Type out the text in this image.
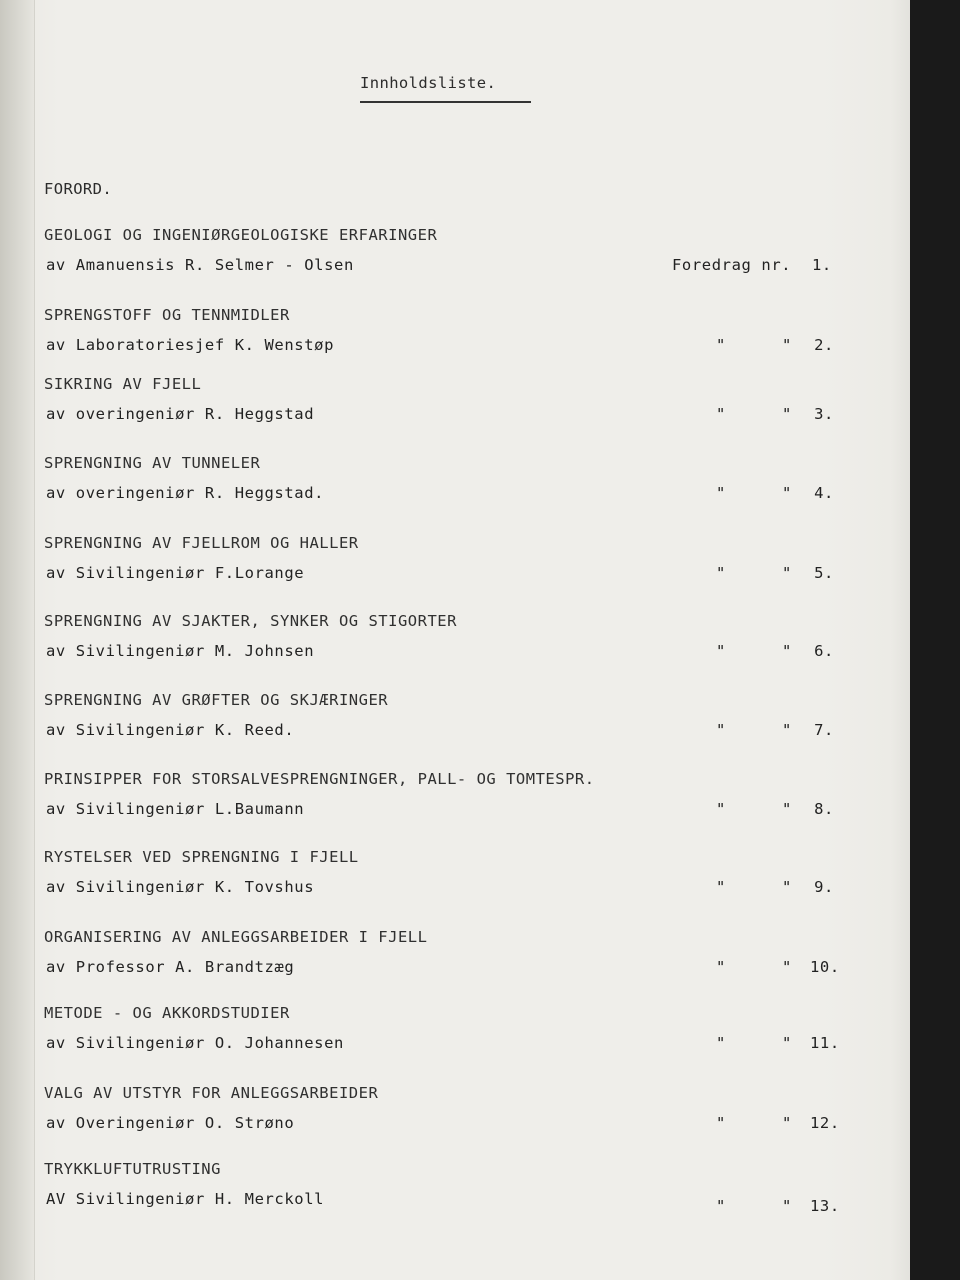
Innholdsliste.
FORORD.
GEOLOGI OG INGENIØRGEOLOGISKE ERFARINGER
av Amanuensis R. Selmer - Olsen	Foredrag nr. 1.
SPRENGSTOFF OG TENNMIDLER
av Laboratoriesjef K. Wenstøp	"	" 2.
SIKRING AV FJELL
av overingeniør R. Heggstad	"	" 3.
SPRENGNING AV TUNNELER
av overingeniør R. Heggstad.	"	" 4.
SPRENGNING AV FJELLROM OG HALLER
av Sivilingeniør F.Lorange	"	" 5.
SPRENGNING AV SJAKTER, SYNKER OG STIGORTER
av Sivilingeniør M. Johnsen	"	" 6.
SPRENGNING AV GRØFTER OG SKJÆRINGER
av Sivilingeniør K. Reed.	"	" 7.
PRINSIPPER FOR STORSALVESPRENGNINGER, PALL- OG TOMTESPR.
av Sivilingeniør L.Baumann	"	" 8.
RYSTELSER VED SPRENGNING I FJELL
av Sivilingeniør K. Tovshus	"	" 9.
ORGANISERING AV ANLEGGSARBEIDER I FJELL
av Professor A. Brandtzæg	"	" 10.
METODE - OG AKKORDSTUDIER
av Sivilingeniør O. Johannesen	"	" 11.
VALG AV UTSTYR FOR ANLEGGSARBEIDER
av Overingeniør O. Strøno	"	" 12.
TRYKKLUFTUTRUSTING
AV Sivilingeniør H. Merckoll	"	" 13.
